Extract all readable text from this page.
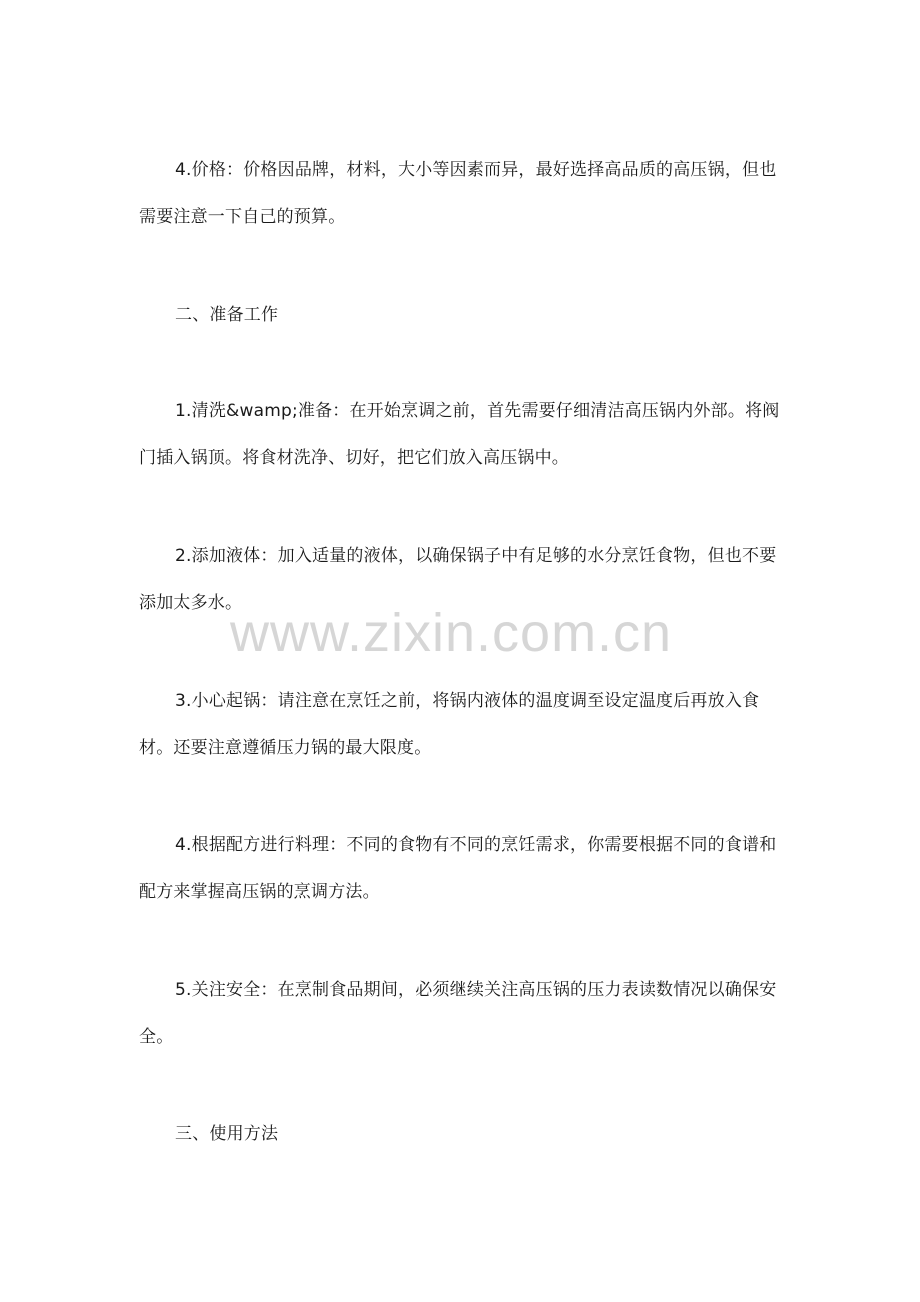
4.价格：价格因品牌，材料，大小等因素而异，最好选择高品质的高压锅，但也需要注意一下自己的预算。

二、准备工作

1.清洗&wamp;准备：在开始烹调之前，首先需要仔细清洁高压锅内外部。将阀门插入锅顶。将食材洗净、切好，把它们放入高压锅中。

2.添加液体：加入适量的液体，以确保锅子中有足够的水分烹饪食物，但也不要添加太多水。

www.zixin.com.cn

3.小心起锅：请注意在烹饪之前，将锅内液体的温度调至设定温度后再放入食材。还要注意遵循压力锅的最大限度。

4.根据配方进行料理：不同的食物有不同的烹饪需求，你需要根据不同的食谱和配方来掌握高压锅的烹调方法。

5.关注安全：在烹制食品期间，必须继续关注高压锅的压力表读数情况以确保安全。

三、使用方法
